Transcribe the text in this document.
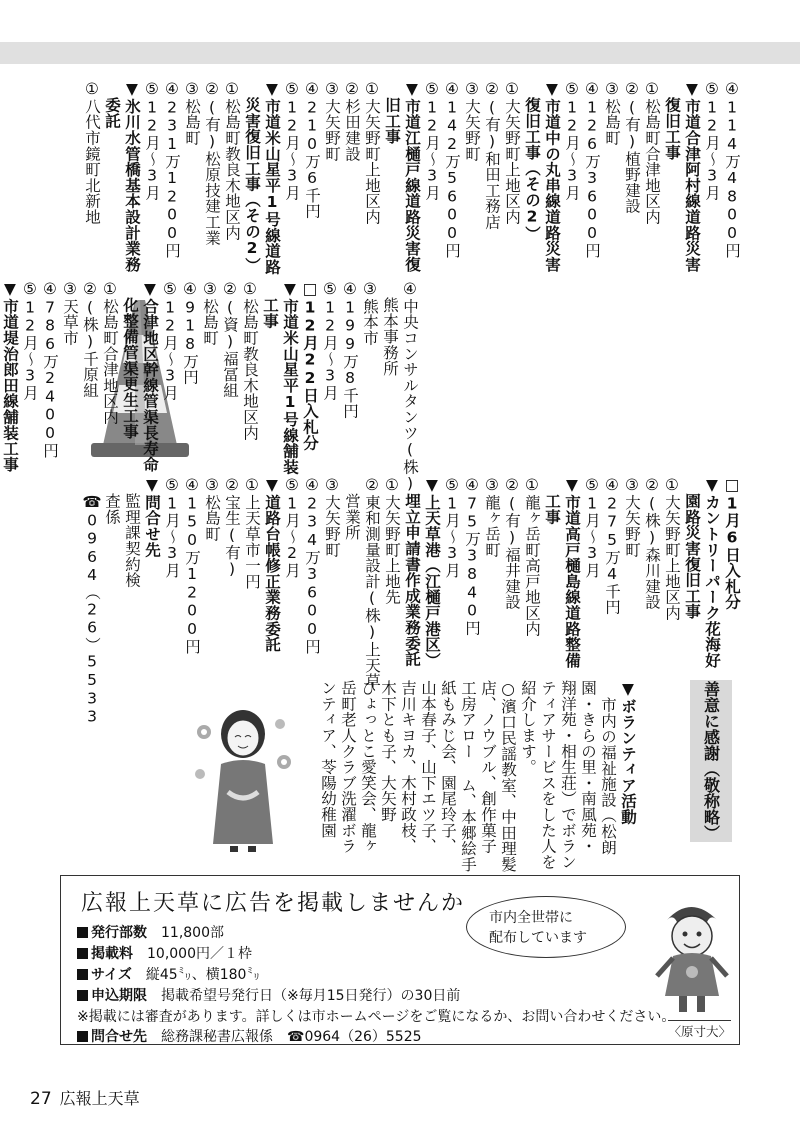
④114万4800円
⑤12月～3月
▼市道合津阿村線道路災害
復旧工事
①松島町合津地区内
②(有)植野建設
③松島町
④126万3600円
⑤12月～3月
▼市道中の丸串線道路災害
復旧工事（その2）
①大矢野町上地区内
②(有)和田工務店
③大矢野町
④142万5600円
⑤12月～3月
▼市道江樋戸線道路災害復
旧工事
①大矢野町上地区内
②杉田建設
③大矢野町
④210万6千円
⑤12月～3月
▼市道米山星平1号線道路
災害復旧工事（その2）
①松島町教良木地区内
②(有)松原技建工業
③松島町
④231万1200円
⑤12月～3月
▼氷川水管橋基本設計業務
委託
①八代市鏡町北新地
④中央コンサルタンツ(株)
熊本事務所
③熊本市
④199万8千円
⑤12月～3月
□12月22日入札分
▼市道米山星平1号線舗装
工事
①松島町教良木地区内
②(資)福冨組
③松島町
④918万円
⑤12月～3月
▼合津地区幹線管渠長寿命
化整備管渠更生工事
①松島町合津地区内
②(株)千原組
③天草市
④786万2400円
⑤12月～3月
▼市道堤治郎田線舗装工事
□1月6日入札分
▼カントリーパーク花海好
園路災害復旧工事
①大矢野町上地区内
②(株)森川建設
③大矢野町
④275万4千円
⑤1月～3月
▼市道高戸樋島線道路整備
工事
①龍ヶ岳町高戸地区内
②(有)福井建設
③龍ヶ岳町
④75万3840円
⑤1月～3月
▼上天草港（江樋戸港区）
埋立申請書作成業務委託
①大矢野町上地先
②東和測量設計(株)上天草
営業所
③大矢野町
④234万3600円
⑤1月～2月
▼道路台帳修正業務委託
①上天草市一円
②宝生(有)
③松島町
④150万1200円
⑤1月～3月
▼問合せ先
監理課契約検
査係
☎0964（26）5533
善意に感謝（敬称略）
▼ボランティア活動
市内の福祉施設（松朗
園・きらの里・南風苑・
翔洋苑・相生荘）でボラン
ティアサービスをした人を
紹介します。
○濱口民謡教室、中田理髪
店、ノウブル、創作菓子
工房アロー ム、本郷絵手
紙もみじ会、園尾玲子、
山本春子、山下エツ子、
吉川キヨカ、木村政枝、
木下とも子、大矢野
ひょっとこ愛笑会、龍ヶ
岳町老人クラブ洗濯ボラ
ンティア、苓陽幼稚園
広報上天草に広告を掲載しませんか
発行部数　 11,800部
掲載料　 10,000円／１枠
サイズ　 縦45㍉、横180㍉
申込期限　 掲載希望号発行日（※毎月15日発行）の30日前
※掲載には審査があります。詳しくは市ホームページをご覧になるか、お問い合わせください。
問合せ先　 総務課秘書広報係　☎0964（26）5525
市内全世帯に
配布しています
〈原寸大〉
27 広報上天草
